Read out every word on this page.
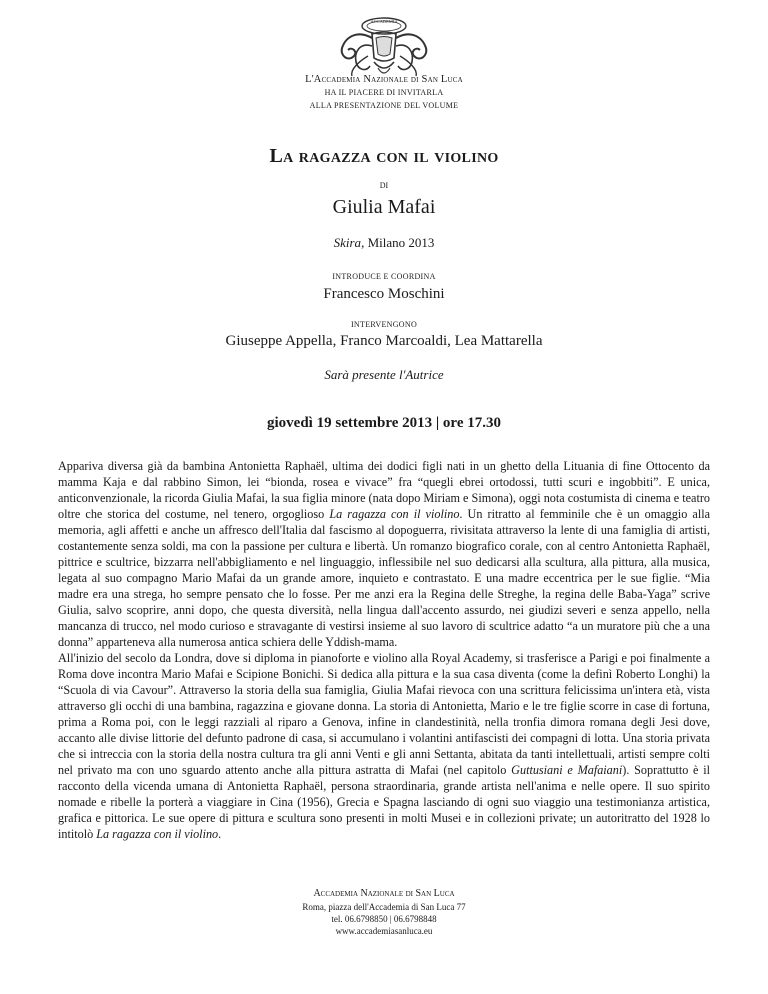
ACCADEMIA
L'Accademia Nazionale di San Luca
HA IL PIACERE DI INVITARLA
ALLA PRESENTAZIONE DEL VOLUME
La ragazza con il violino
DI
Giulia Mafai
Skira, Milano 2013
INTRODUCE E COORDINA
Francesco Moschini
INTERVENGONO
Giuseppe Appella, Franco Marcoaldi, Lea Mattarella
Sarà presente l'Autrice
giovedì 19 settembre 2013 | ore 17.30

Appariva diversa già da bambina Antonietta Raphaël, ultima dei dodici figli nati in un ghetto della Lituania di fine Ottocento da mamma Kaja e dal rabbino Simon, lei “bionda, rosea e vivace” fra “quegli ebrei ortodossi, tutti scuri e ingobbiti”. E unica, anticonvenzionale, la ricorda Giulia Mafai, la sua figlia minore (nata dopo Miriam e Simona), oggi nota costumista di cinema e teatro oltre che storica del costume, nel tenero, orgoglioso La ragazza con il violino. Un ritratto al femminile che è un omaggio alla memoria, agli affetti e anche un affresco dell'Italia dal fascismo al dopoguerra, rivisitata attraverso la lente di una famiglia di artisti, costantemente senza soldi, ma con la passione per cultura e libertà. Un romanzo biografico corale, con al centro Antonietta Raphaël, pittrice e scultrice, bizzarra nell'abbigliamento e nel linguaggio, inflessibile nel suo dedicarsi alla scultura, alla pittura, alla musica, legata al suo compagno Mario Mafai da un grande amore, inquieto e contrastato. E una madre eccentrica per le sue figlie. “Mia madre era una strega, ho sempre pensato che lo fosse. Per me anzi era la Regina delle Streghe, la regina delle Baba-Yaga” scrive Giulia, salvo scoprire, anni dopo, che questa diversità, nella lingua dall'accento assurdo, nei giudizi severi e senza appello, nella mancanza di trucco, nel modo curioso e stravagante di vestirsi insieme al suo lavoro di scultrice adatto “a un muratore più che a una donna” apparteneva alla numerosa antica schiera delle Yddish-mama.

All'inizio del secolo da Londra, dove si diploma in pianoforte e violino alla Royal Academy, si trasferisce a Parigi e poi finalmente a Roma dove incontra Mario Mafai e Scipione Bonichi. Si dedica alla pittura e la sua casa diventa (come la definì Roberto Longhi) la “Scuola di via Cavour”. Attraverso la storia della sua famiglia, Giulia Mafai rievoca con una scrittura felicissima un'intera età, vista attraverso gli occhi di una bambina, ragazzina e giovane donna. La storia di Antonietta, Mario e le tre figlie scorre in case di fortuna, prima a Roma poi, con le leggi razziali al riparo a Genova, infine in clandestinità, nella tronfia dimora romana degli Jesi dove, accanto alle divise littorie del defunto padrone di casa, si accumulano i volantini antifascisti dei compagni di lotta. Una storia privata che si intreccia con la storia della nostra cultura tra gli anni Venti e gli anni Settanta, abitata da tanti intellettuali, artisti sempre colti nel privato ma con uno sguardo attento anche alla pittura astratta di Mafai (nel capitolo Guttusiani e Mafaiani). Soprattutto è il racconto della vicenda umana di Antonietta Raphaël, persona straordinaria, grande artista nell'anima e nelle opere. Il suo spirito nomade e ribelle la porterà a viaggiare in Cina (1956), Grecia e Spagna lasciando di ogni suo viaggio una testimonianza artistica, grafica e pittorica. Le sue opere di pittura e scultura sono presenti in molti Musei e in collezioni private; un autoritratto del 1928 lo intitolò La ragazza con il violino.

Accademia Nazionale di San Luca
Roma, piazza dell'Accademia di San Luca 77
tel. 06.6798850 | 06.6798848
www.accademiasanluca.eu
